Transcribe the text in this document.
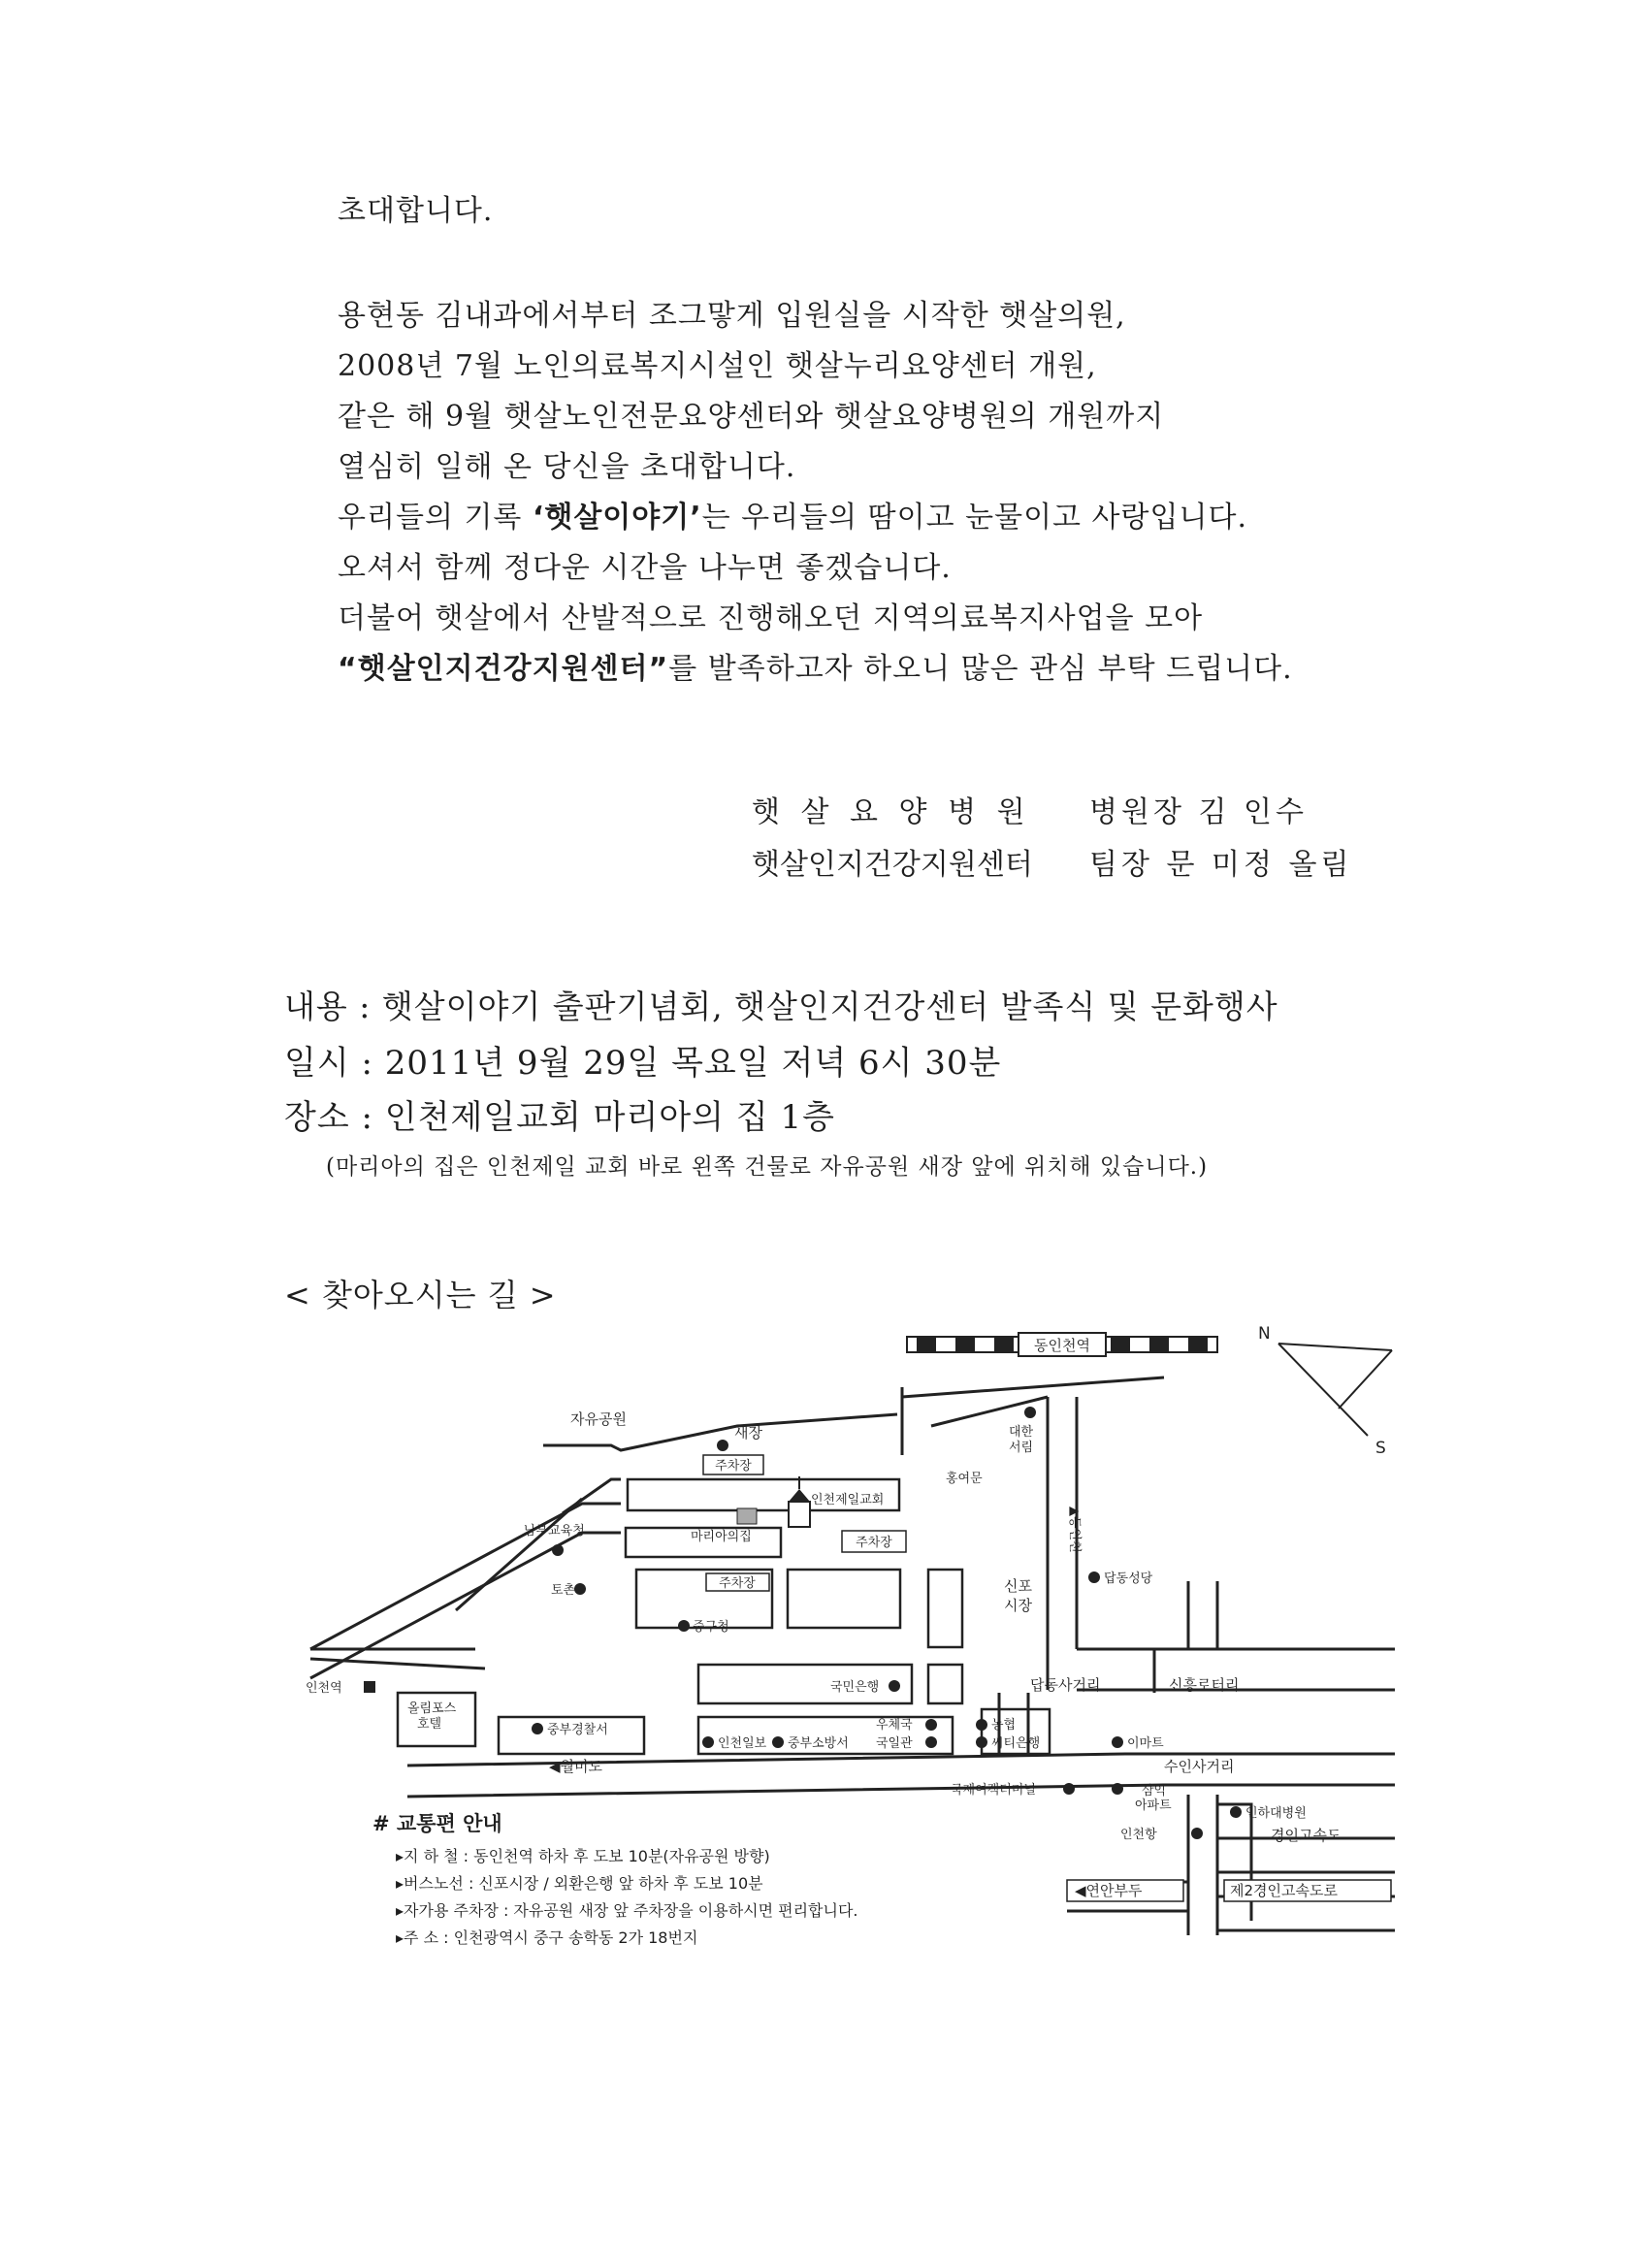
초대합니다.
용현동 김내과에서부터 조그맣게 입원실을 시작한 햇살의원,
2008년 7월 노인의료복지시설인 햇살누리요양센터 개원,
같은 해 9월 햇살노인전문요양센터와 햇살요양병원의 개원까지
열심히 일해 온 당신을 초대합니다.
우리들의 기록 ‘햇살이야기’는 우리들의 땀이고 눈물이고 사랑입니다.
오셔서 함께 정다운 시간을 나누면 좋겠습니다.
더불어 햇살에서 산발적으로 진행해오던 지역의료복지사업을 모아
“햇살인지건강지원센터”를 발족하고자 하오니 많은 관심 부탁 드립니다.
햇 살 요 양 병 원 병원장 김 인수
햇살인지건강지원센터 팀장 문 미정 올림
내용 : 햇살이야기 출판기념회, 햇살인지건강센터 발족식 및 문화행사
일시 : 2011년 9월 29일 목요일 저녁 6시 30분
장소 : 인천제일교회 마리아의 집 1층
(마리아의 집은 인천제일 교회 바로 왼쪽 건물로 자유공원 새장 앞에 위치해 있습니다.)
< 찾아오시는 길 >
동인천역
N
S
자유공원
새장
주차장
인천제일교회
마리아의집	주차장
주차장
홍여문
대한
서림
▲동인천
남부교육청
토촌
중구청
신포
시장
답동성당
인천역
올림포스
호텔
국민은행	답동사거리	신흥로터리
중부경찰서
인천일보 중부소방서
우체국
국일관
농협
씨티은행	이마트
◀월미도	수인사거리
국제여객터미널	삼익
아파트
인하대병원
인천항	경인고속도
◀연안부두	제2경인고속도로
# 교통편 안내
▸지 하 철 : 동인천역 하차 후 도보 10분(자유공원 방향)
▸버스노선 : 신포시장 / 외환은행 앞 하차 후 도보 10분
▸자가용 주차장 : 자유공원 새장 앞 주차장을 이용하시면 편리합니다.
▸주 소 : 인천광역시 중구 송학동 2가 18번지
